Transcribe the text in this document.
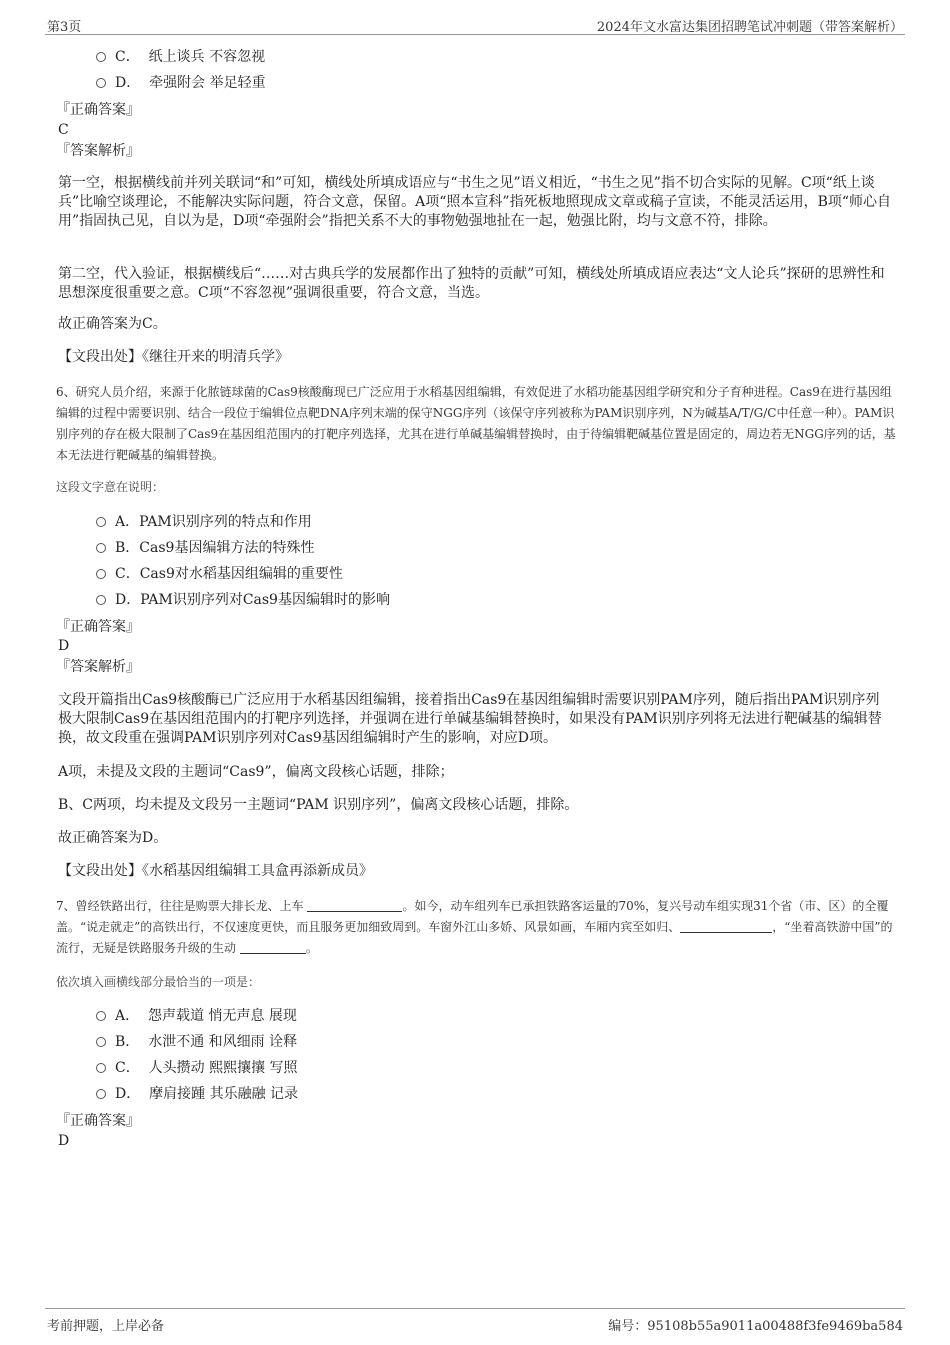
第3页	2024年文水富达集团招聘笔试冲刺题（带答案解析）
C． 纸上谈兵 不容忽视
D． 牵强附会 举足轻重
『正确答案』
C
『答案解析』

第一空，根据横线前并列关联词“和”可知，横线处所填成语应与“书生之见”语义相近，“书生之见”指不切合实际的见解。C项“纸上谈兵”比喻空谈理论，不能解决实际问题，符合文意，保留。A项“照本宣科”指死板地照现成文章或稿子宣读，不能灵活运用，B项“师心自用”指固执己见，自以为是，D项“牵强附会”指把关系不大的事物勉强地扯在一起，勉强比附，均与文意不符，排除。

第二空，代入验证，根据横线后“……对古典兵学的发展都作出了独特的贡献”可知，横线处所填成语应表达“文人论兵”探研的思辨性和思想深度很重要之意。C项“不容忽视”强调很重要，符合文意，当选。

故正确答案为C。
【文段出处】《继往开来的明清兵学》
6、研究人员介绍，来源于化脓链球菌的Cas9核酸酶现已广泛应用于水稻基因组编辑，有效促进了水稻功能基因组学研究和分子育种进程。Cas9在进行基因组编辑的过程中需要识别、结合一段位于编辑位点靶DNA序列末端的保守NGG序列（该保守序列被称为PAM识别序列，N为碱基A/T/G/C中任意一种）。PAM识别序列的存在极大限制了Cas9在基因组范围内的打靶序列选择，尤其在进行单碱基编辑替换时，由于待编辑靶碱基位置是固定的，周边若无NGG序列的话，基本无法进行靶碱基的编辑替换。
这段文字意在说明：
A．PAM识别序列的特点和作用
B．Cas9基因编辑方法的特殊性
C．Cas9对水稻基因组编辑的重要性
D．PAM识别序列对Cas9基因编辑时的影响
『正确答案』
D
『答案解析』

文段开篇指出Cas9核酸酶已广泛应用于水稻基因组编辑，接着指出Cas9在基因组编辑时需要识别PAM序列，随后指出PAM识别序列极大限制Cas9在基因组范围内的打靶序列选择，并强调在进行单碱基编辑替换时，如果没有PAM识别序列将无法进行靶碱基的编辑替换，故文段重在强调PAM识别序列对Cas9基因组编辑时产生的影响，对应D项。

A项，未提及文段的主题词“Cas9”，偏离文段核心话题，排除；
B、C两项，均未提及文段另一主题词“PAM 识别序列”，偏离文段核心话题，排除。
故正确答案为D。
【文段出处】《水稻基因组编辑工具盒再添新成员》
7、曾经铁路出行，往往是购票大排长龙、上车	。如今，动车组列车已承担铁路客运量的70%，复兴号动车组实现31个省（市、区）的全覆盖。“说走就走”的高铁出行，不仅速度更快，而且服务更加细致周到。车窗外江山多娇、风景如画，车厢内宾至如归、	，“坐着高铁游中国”的流行，无疑是铁路服务升级的生动	。
依次填入画横线部分最恰当的一项是：
A． 怨声载道 悄无声息 展现
B． 水泄不通 和风细雨 诠释
C． 人头攒动 熙熙攘攘 写照
D． 摩肩接踵 其乐融融 记录
『正确答案』
D
考前押题，上岸必备	编号：95108b55a9011a00488f3fe9469ba584
